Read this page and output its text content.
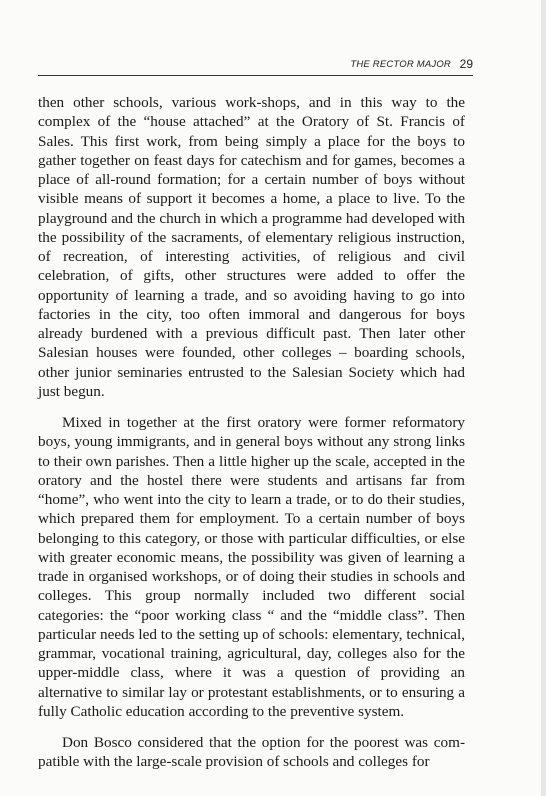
THE RECTOR MAJOR 29

then other schools, various work-shops, and in this way to the complex of the “house attached” at the Oratory of St. Francis of Sales. This first work, from being simply a place for the boys to gather together on feast days for catechism and for games, becomes a place of all-round formation; for a certain number of boys without visible means of support it becomes a home, a place to live. To the playground and the church in which a programme had developed with the possibility of the sacraments, of elementary religious instruction, of recreation, of interesting activities, of religious and civil celebration, of gifts, other structures were added to offer the opportunity of learning a trade, and so avoiding having to go into factories in the city, too often immoral and dangerous for boys already burdened with a previous difficult past. Then later other Salesian houses were founded, other colleges – boarding schools, other junior seminaries entrusted to the Salesian Society which had just begun.

Mixed in together at the first oratory were former reformatory boys, young immigrants, and in general boys without any strong links to their own parishes. Then a little higher up the scale, accepted in the oratory and the hostel there were students and artisans far from “home”, who went into the city to learn a trade, or to do their studies, which prepared them for employment. To a certain number of boys belonging to this category, or those with particular difficulties, or else with greater economic means, the possibility was given of learning a trade in organised workshops, or of doing their studies in schools and colleges. This group normally included two different social categories: the “poor working class “ and the “middle class”. Then particular needs led to the setting up of schools: elementary, technical, grammar, vocational training, agricultural, day, colleges also for the upper-middle class, where it was a question of providing an alternative to similar lay or protestant establishments, or to ensuring a fully Catholic education according to the preventive system.

Don Bosco considered that the option for the poorest was compatible with the large-scale provision of schools and colleges for
